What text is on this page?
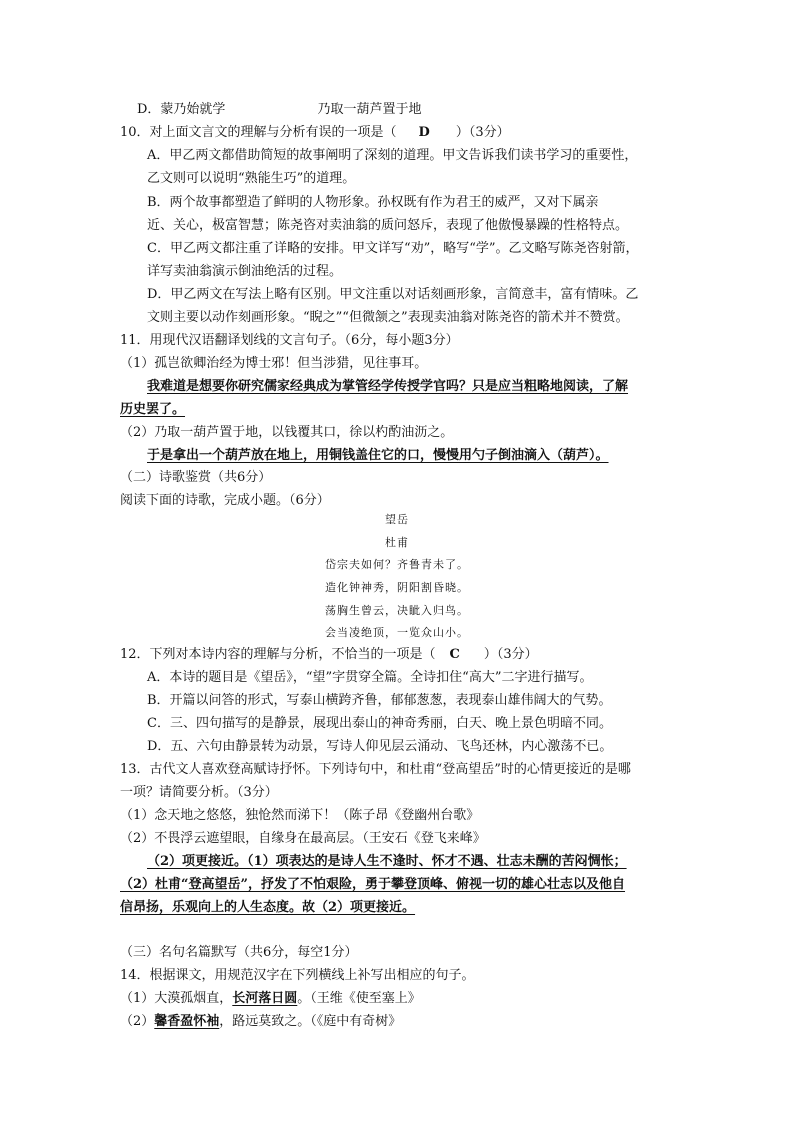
D．蒙乃始就学	乃取一葫芦置于地
10．对上面文言文的理解与分析有误的一项是（ D ）（3分）
A．甲乙两文都借助简短的故事阐明了深刻的道理。甲文告诉我们读书学习的重要性，
乙文则可以说明“熟能生巧”的道理。
B．两个故事都塑造了鲜明的人物形象。孙权既有作为君王的威严，又对下属亲
近、关心，极富智慧；陈尧咨对卖油翁的质问怒斥，表现了他傲慢暴躁的性格特点。
C．甲乙两文都注重了详略的安排。甲文详写“劝”，略写“学”。乙文略写陈尧咨射箭，
详写卖油翁演示倒油绝活的过程。
D．甲乙两文在写法上略有区别。甲文注重以对话刻画形象，言简意丰，富有情味。乙
文则主要以动作刻画形象。“睨之”“但微颔之”表现卖油翁对陈尧咨的箭术并不赞赏。
11．用现代汉语翻译划线的文言句子。（6分，每小题3分）
（1）孤岂欲卿治经为博士邪！但当涉猎，见往事耳。
我难道是想要你研究儒家经典成为掌管经学传授学官吗？只是应当粗略地阅读，了解
历史罢了。
（2）乃取一葫芦置于地，以钱覆其口，徐以杓酌油沥之。
于是拿出一个葫芦放在地上，用铜钱盖住它的口，慢慢用勺子倒油滴入（葫芦）。
（二）诗歌鉴赏（共6分）
阅读下面的诗歌，完成小题。（6分）
望岳
杜甫
岱宗夫如何？齐鲁青未了。
造化钟神秀，阴阳割昏晓。
荡胸生曾云，决眦入归鸟。
会当凌绝顶，一览众山小。
12．下列对本诗内容的理解与分析，不恰当的一项是（ C ）（3分）
A．本诗的题目是《望岳》，“望”字贯穿全篇。全诗扣住“高大”二字进行描写。
B．开篇以问答的形式，写泰山横跨齐鲁，郁郁葱葱，表现泰山雄伟阔大的气势。
C．三、四句描写的是静景，展现出泰山的神奇秀丽，白天、晚上景色明暗不同。
D．五、六句由静景转为动景，写诗人仰见层云涌动、飞鸟还林，内心激荡不已。
13．古代文人喜欢登高赋诗抒怀。下列诗句中，和杜甫“登高望岳”时的心情更接近的是哪
一项？请简要分析。（3分）
（1）念天地之悠悠，独怆然而涕下！（陈子昂《登幽州台歌》
（2）不畏浮云遮望眼，自缘身在最高层。（王安石《登飞来峰》
（2）项更接近。（1）项表达的是诗人生不逢时、怀才不遇、壮志未酬的苦闷惆怅；
（2）杜甫“登高望岳”，抒发了不怕艰险，勇于攀登顶峰、俯视一切的雄心壮志以及他自
信昂扬，乐观向上的人生态度。故（2）项更接近。
（三）名句名篇默写（共6分，每空1分）
14．根据课文，用规范汉字在下列横线上补写出相应的句子。
（1）大漠孤烟直，长河落日圆。（王维《使至塞上》
（2）馨香盈怀袖，路远莫致之。（《庭中有奇树》
